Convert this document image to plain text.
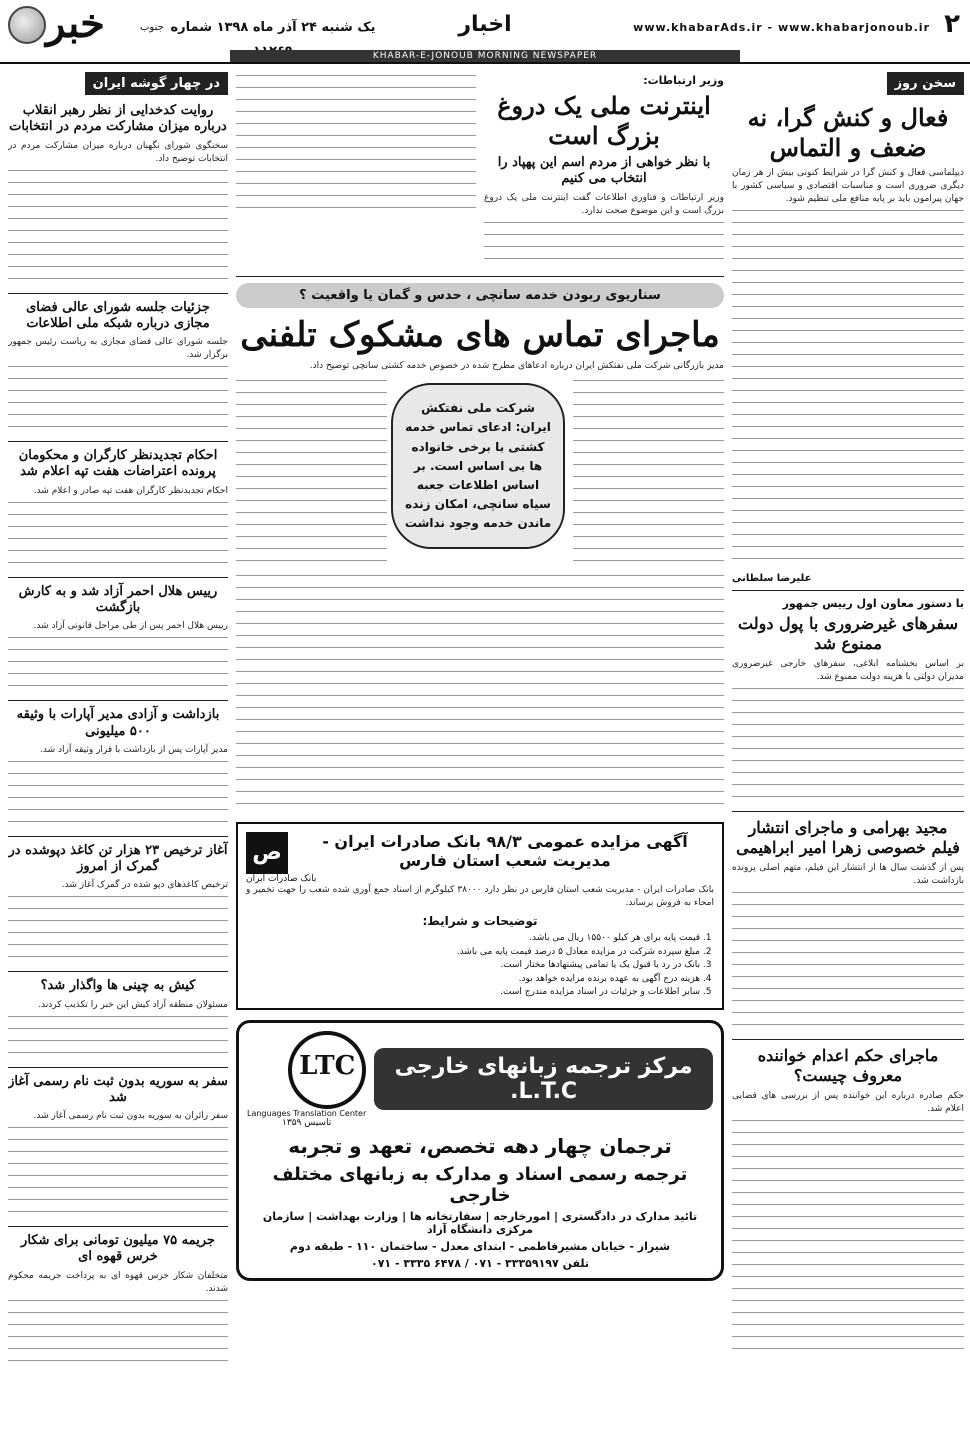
خبر	جنوب	یک شنبه ۲۴ آذر ماه ۱۳۹۸ شماره	اخبار	www.khabarAds.ir - www.khabarjonoub.ir ۲
KHABAR-E-JONOUB MORNING NEWSPAPER
سخن روز
فعال و کنش گرا، نه ضعف و التماس

دیپلماسی فعال و کنش گرا در شرایط کنونی بیش از هر زمان دیگری ضروری است و مناسبات اقتصادی و سیاسی کشور با جهان پیرامون باید بر پایه منافع ملی تنظیم شود.

علیرضا سلطانی
با دستور معاون اول رییس جمهور
سفرهای غیرضروری با پول دولت ممنوع شد

بر اساس بخشنامه ابلاغی، سفرهای خارجی غیرضروری مدیران دولتی با هزینه دولت ممنوع شد.

مجید بهرامی و ماجرای انتشار فیلم خصوصی زهرا امیر ابراهیمی

پس از گذشت سال ها از انتشار این فیلم، متهم اصلی پرونده بازداشت شد.

ماجرای حکم اعدام خواننده معروف چیست؟

حکم صادره درباره این خواننده پس از بررسی های قضایی اعلام شد.

وزیر ارتباطات:
اینترنت ملی یک دروغ بزرگ است
با نظر خواهی از مردم اسم این پهپاد را انتخاب می کنیم

وزیر ارتباطات و فناوری اطلاعات گفت اینترنت ملی یک دروغ بزرگ است و این موضوع صحت ندارد.

سناریوی ربودن خدمه سانچی ، حدس و گمان یا واقعیت ؟
ماجرای تماس های مشکوک تلفنی

مدیر بازرگانی شرکت ملی نفتکش ایران درباره ادعاهای مطرح شده در خصوص خدمه کشتی سانچی توضیح داد.

شرکت ملی نفتکش ایران: ادعای تماس خدمه کشتی با برخی خانواده ها بی اساس است. بر اساس اطلاعات جعبه سیاه سانچی، امکان زنده ماندن خدمه وجود نداشت
ص	آگهی مزایده عمومی ۹۸/۳ بانک صادرات ایران - مدیریت شعب استان فارس
بانک صادرات ایران

بانک صادرات ایران - مدیریت شعب استان فارس در نظر دارد ۳۸۰۰۰ کیلوگرم از اسناد جمع آوری شده شعب را جهت تخمیر و امحاء به فروش برساند.

توضیحات و شرایط:
1. قیمت پایه برای هر کیلو ۱۵۵۰۰ ریال می باشد.
2. مبلغ سپرده شرکت در مزایده معادل ۵ درصد قیمت پایه می باشد.
3. بانک در رد یا قبول یک یا تمامی پیشنهادها مختار است.
4. هزینه درج آگهی به عهده برنده مزایده خواهد بود.
5. سایر اطلاعات و جزئیات در اسناد مزایده مندرج است.
مرکز ترجمه زبانهای خارجی L.T.C.
LTC
Languages Translation Center
تاسیس ۱۳۵۹
ترجمان چهار دهه تخصص، تعهد و تجربه
ترجمه رسمی اسناد و مدارک به زبانهای مختلف خارجی
تائید مدارک در دادگستری | امورخارجه | سفارتخانه ها | وزارت بهداشت | سازمان مرکزی دانشگاه آزاد
شیراز - خیابان مشیرفاطمی - ابتدای معدل - ساختمان ۱۱۰ - طبقه دوم
تلفن ۳۳۳۵۹۱۹۷ - ۰۷۱ / ۶۴۷۸ ۳۳۳۵ - ۰۷۱
در چهار گوشه ایران
روایت کدخدایی از نظر رهبر انقلاب درباره میزان مشارکت مردم در انتخابات

سخنگوی شورای نگهبان درباره میزان مشارکت مردم در انتخابات توضیح داد.

جزئیات جلسه شورای عالی فضای مجازی درباره شبکه ملی اطلاعات

جلسه شورای عالی فضای مجازی به ریاست رئیس جمهور برگزار شد.

احکام تجدیدنظر کارگران و محکومان پرونده اعتراضات هفت تپه اعلام شد

احکام تجدیدنظر کارگران هفت تپه صادر و اعلام شد.

رییس هلال احمر آزاد شد و به کارش بازگشت

رییس هلال احمر پس از طی مراحل قانونی آزاد شد.

بازداشت و آزادی مدیر آپارات با وثیقه ۵۰۰ میلیونی

مدیر آپارات پس از بازداشت با قرار وثیقه آزاد شد.

آغاز ترخیص ۲۳ هزار تن کاغذ دپوشده در گمرک از امروز

ترخیص کاغذهای دپو شده در گمرک آغاز شد.

کیش به چینی ها واگذار شد؟

مسئولان منطقه آزاد کیش این خبر را تکذیب کردند.

سفر به سوریه بدون ثبت نام رسمی آغاز شد

سفر زائران به سوریه بدون ثبت نام رسمی آغاز شد.

جریمه ۷۵ میلیون تومانی برای شکار خرس قهوه ای

متخلفان شکار خرس قهوه ای به پرداخت جریمه محکوم شدند.
